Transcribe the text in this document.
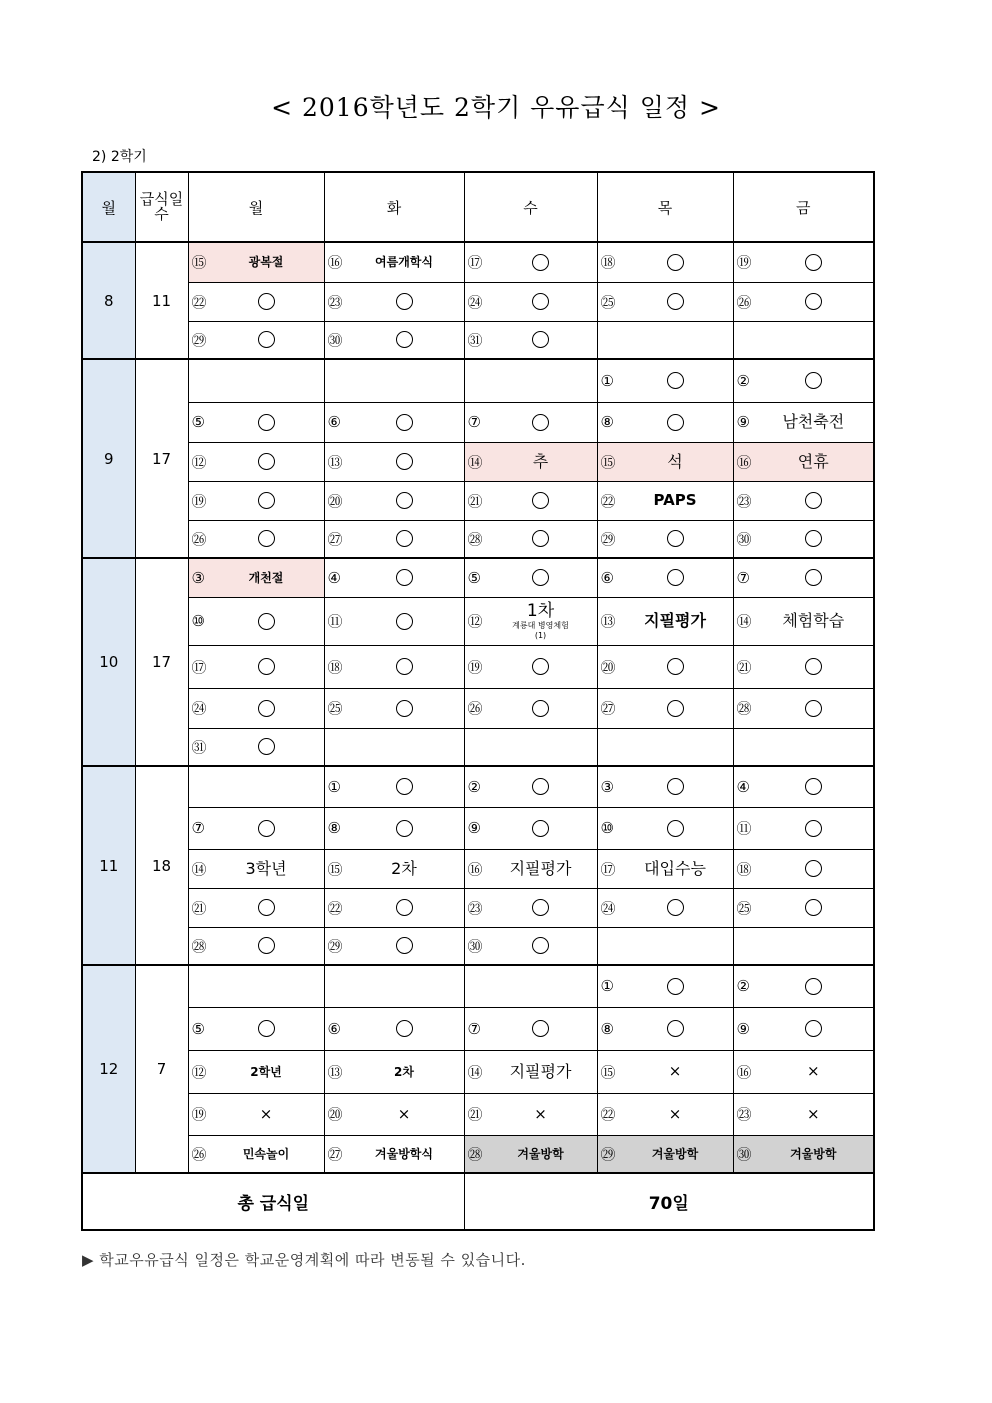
< 2016학년도 2학기 우유급식 일정 >
2) 2학기
월	급식일수	월	화	수	목	금
8	11	⑮ 광복절	⑯ 여름개학식	⑰	⑱	⑲

		㉒	㉓	㉔	㉕	㉖

		㉙	㉚	㉛		

9	17				①	②

		⑤	⑥	⑦	⑧	⑨ 남천축전

		⑫	⑬	⑭ 추	⑮ 석	⑯ 연휴

		⑲	⑳	㉑	㉒ PAPS	㉓

		㉖	㉗	㉘	㉙	㉚

10	17	③ 개천절	④	⑤	⑥	⑦

		⑩	⑪	⑫
1차
계룡대 병영체험
(1)	⑬ 지필평가	⑭ 체험학습

		⑰	⑱	⑲	⑳	㉑

		㉔	㉕	㉖	㉗	㉘

		㉛				

11	18		①	②	③	④

		⑦	⑧	⑨	⑩	⑪

		⑭ 3학년	⑮ 2차	⑯ 지필평가	⑰ 대입수능	⑱

		㉑	㉒	㉓	㉔	㉕

		㉘	㉙	㉚		

12	7				①	②

		⑤	⑥	⑦	⑧	⑨

		⑫ 2학년	⑬ 2차	⑭ 지필평가	⑮ ×	⑯ ×

		⑲ ×	⑳ ×	㉑ ×	㉒ ×	㉓ ×

		㉖ 민속놀이	㉗ 겨울방학식	㉘ 겨울방학	㉙ 겨울방학	㉚ 겨울방학

총 급식일				70일		
▶ 학교우유급식 일정은 학교운영계획에 따라 변동될 수 있습니다.
